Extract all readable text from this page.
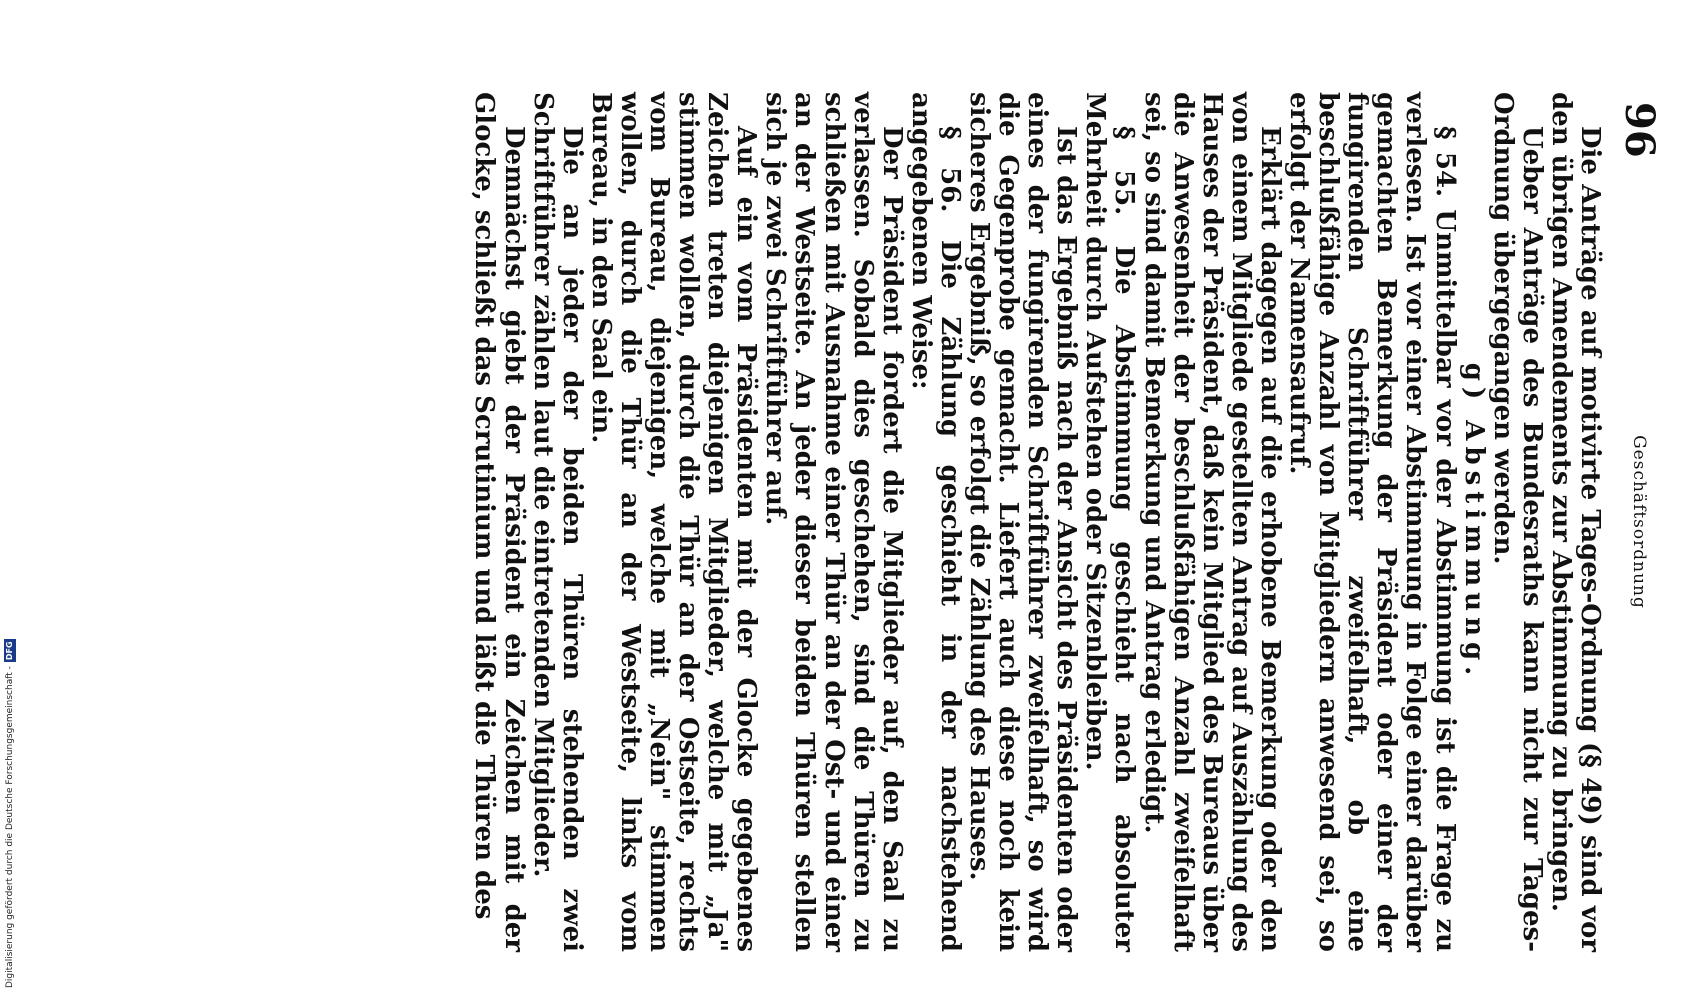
Digitalisierung gefördert durch die Deutsche Forschungsgemeinschaft -
DFG
96
Geschäftsordnung

Die Anträge auf motivirte Tages-Ordnung (§ 49) sind vor den übrigen Amendements zur Abstimmung zu bringen.

Ueber Anträge des Bundesraths kann nicht zur Tages-Ordnung übergegangen werden.

g) Abstimmung.

§ 54. Unmittelbar vor der Abstimmung ist die Frage zu verlesen. Ist vor einer Abstimmung in Folge einer darüber gemachten Bemerkung der Präsident oder einer der fungirenden Schriftführer zweifelhaft, ob eine beschlußfähige Anzahl von Mitgliedern anwesend sei, so erfolgt der Namensaufruf.

Erklärt dagegen auf die erhobene Bemerkung oder den von einem Mitgliede gestellten Antrag auf Auszählung des Hauses der Präsident, daß kein Mitglied des Bureaus über die Anwesenheit der beschlußfähigen Anzahl zweifelhaft sei, so sind damit Bemerkung und Antrag erledigt.

§ 55. Die Abstimmung geschieht nach absoluter Mehrheit durch Aufstehen oder Sitzenbleiben.

Ist das Ergebniß nach der Ansicht des Präsidenten oder eines der fungirenden Schriftführer zweifelhaft, so wird die Gegenprobe gemacht. Liefert auch diese noch kein sicheres Ergebniß, so erfolgt die Zählung des Hauses.

§ 56. Die Zählung geschieht in der nachstehend angegebenen Weise:

Der Präsident fordert die Mitglieder auf, den Saal zu verlassen. Sobald dies geschehen, sind die Thüren zu schließen mit Ausnahme einer Thür an der Ost- und einer an der Westseite. An jeder dieser beiden Thüren stellen sich je zwei Schriftführer auf.

Auf ein vom Präsidenten mit der Glocke gegebenes Zeichen treten diejenigen Mitglieder, welche mit „Ja" stimmen wollen, durch die Thür an der Ostseite, rechts vom Bureau, diejenigen, welche mit „Nein" stimmen wollen, durch die Thür an der Westseite, links vom Bureau, in den Saal ein.

Die an jeder der beiden Thüren stehenden zwei Schriftführer zählen laut die eintretenden Mitglieder.

Demnächst giebt der Präsident ein Zeichen mit der Glocke, schließt das Scrutinium und läßt die Thüren des
